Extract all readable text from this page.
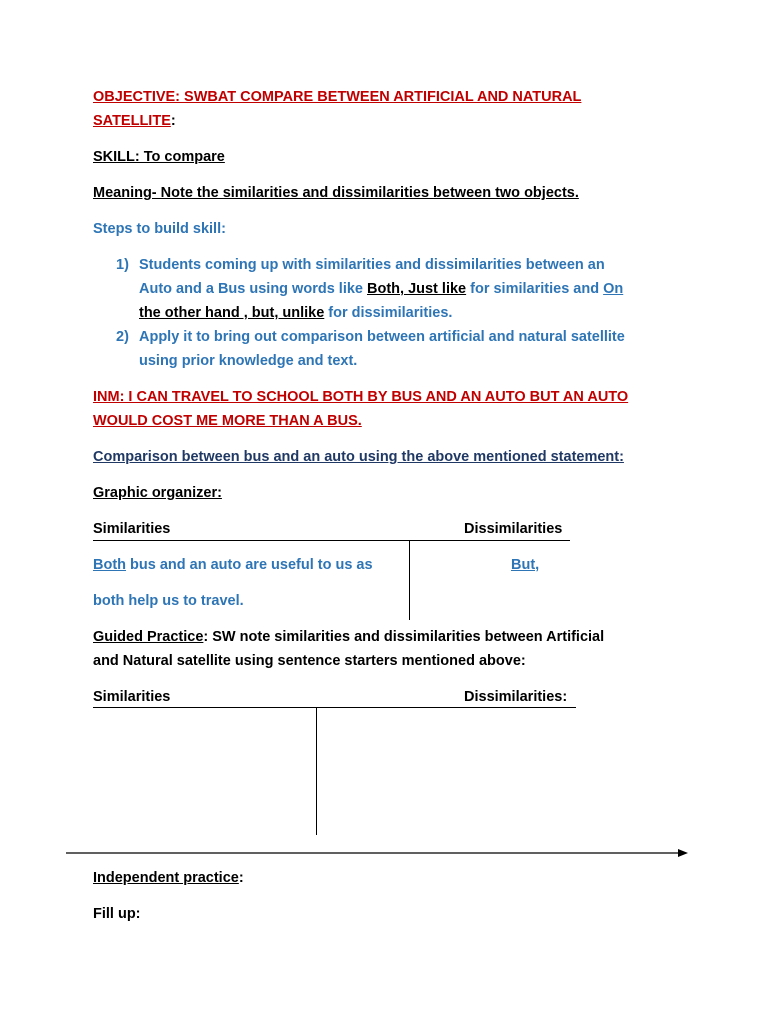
OBJECTIVE: SWBAT COMPARE BETWEEN ARTIFICIAL AND NATURAL
SATELLITE:
SKILL: To compare
Meaning- Note the similarities and dissimilarities between two objects.
Steps to build skill:
1) Students coming up with similarities and dissimilarities between an
Auto and a Bus using words like Both, Just like for similarities and On
the other hand , but, unlike for dissimilarities.
2) Apply it to bring out comparison between artificial and natural satellite
using prior knowledge and text.
INM: I CAN TRAVEL TO SCHOOL BOTH BY BUS AND AN AUTO BUT AN AUTO
WOULD COST ME MORE THAN A BUS.
Comparison between bus and an auto using the above mentioned statement:
Graphic organizer:
Similarities	Dissimilarities
Both bus and an auto are useful to us as
both help us to travel.
But,
Guided Practice: SW note similarities and dissimilarities between Artificial
and Natural satellite using sentence starters mentioned above:
Similarities	Dissimilarities:
Independent practice:
Fill up:
